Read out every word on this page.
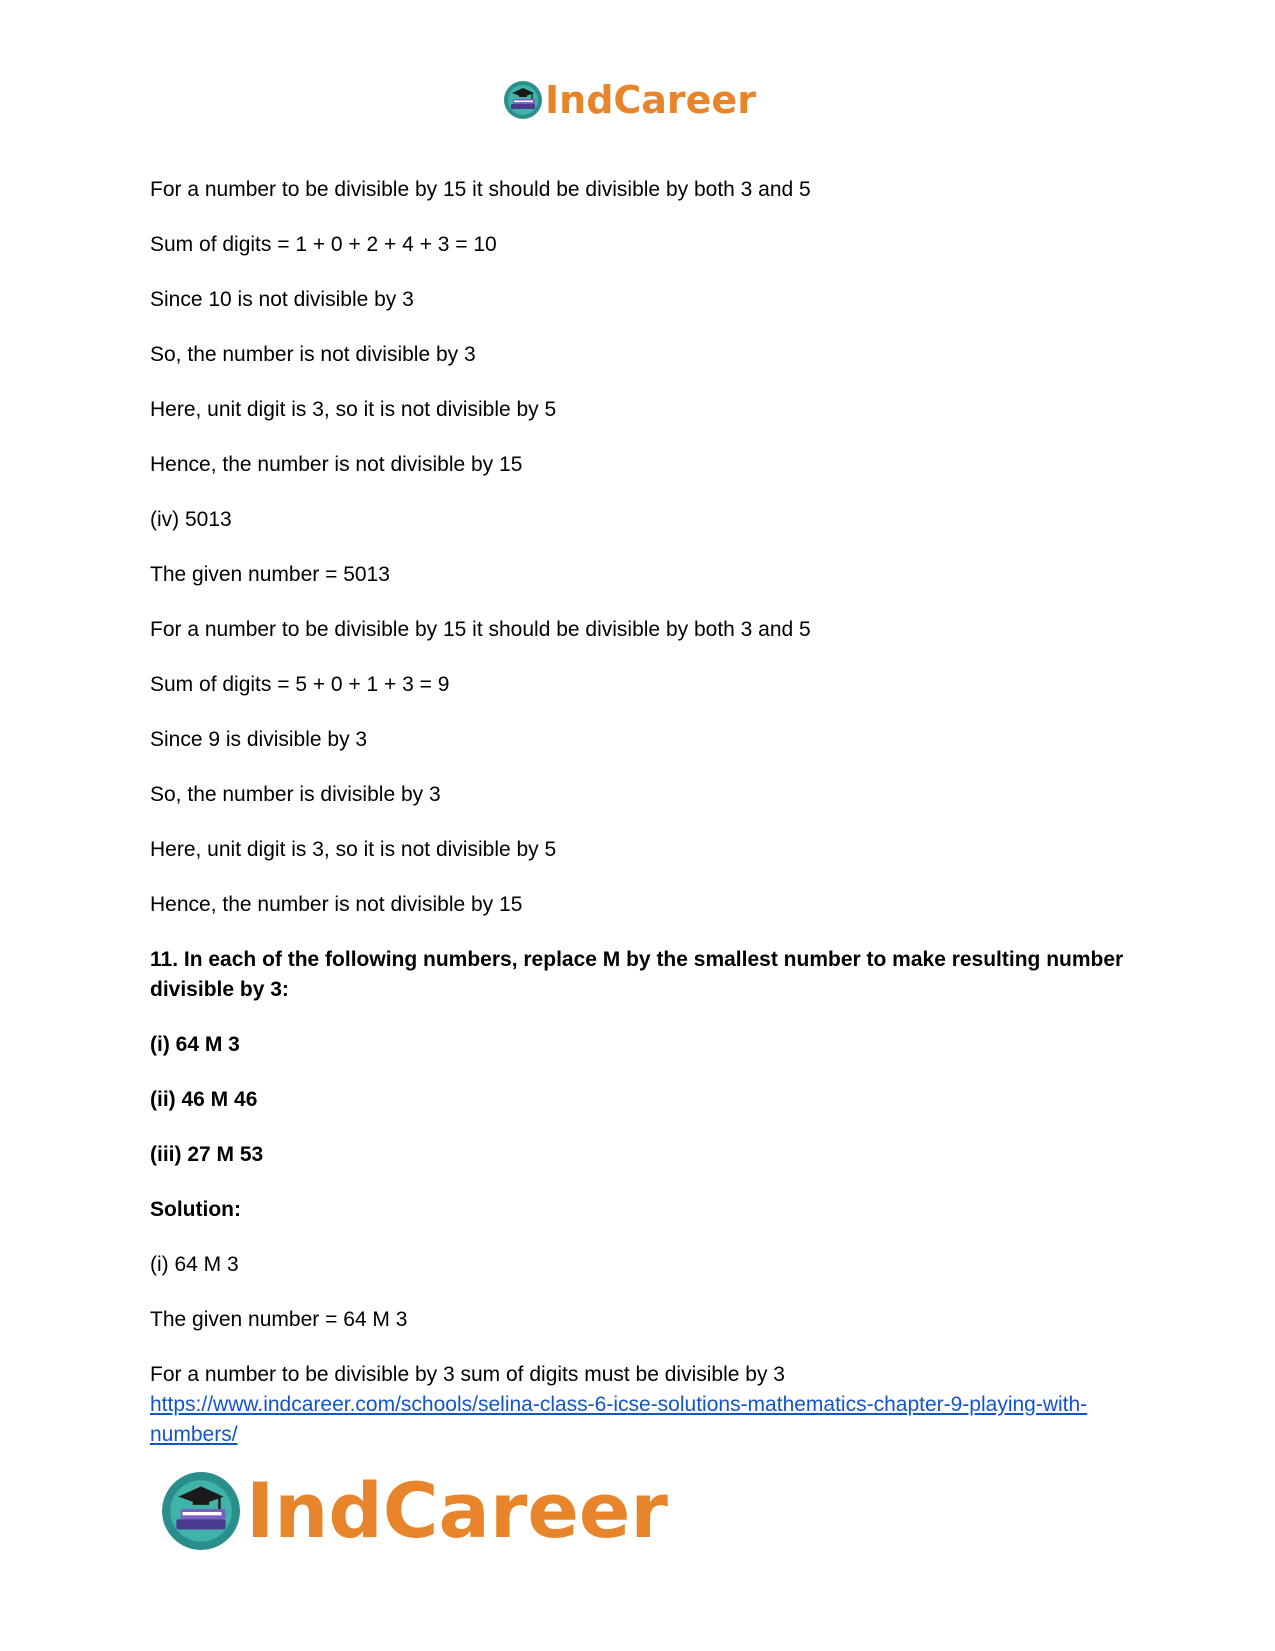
IndCareer

For a number to be divisible by 15 it should be divisible by both 3 and 5

Sum of digits = 1 + 0 + 2 + 4 + 3 = 10

Since 10 is not divisible by 3

So, the number is not divisible by 3

Here, unit digit is 3, so it is not divisible by 5

Hence, the number is not divisible by 15

(iv) 5013

The given number = 5013

For a number to be divisible by 15 it should be divisible by both 3 and 5

Sum of digits = 5 + 0 + 1 + 3 = 9

Since 9 is divisible by 3

So, the number is divisible by 3

Here, unit digit is 3, so it is not divisible by 5

Hence, the number is not divisible by 15

11. In each of the following numbers, replace M by the smallest number to make resulting number divisible by 3:

(i) 64 M 3

(ii) 46 M 46

(iii) 27 M 53

Solution:

(i) 64 M 3

The given number = 64 M 3

For a number to be divisible by 3 sum of digits must be divisible by 3

https://www.indcareer.com/schools/selina-class-6-icse-solutions-mathematics-chapter-9-playing-with-numbers/
IndCareer
